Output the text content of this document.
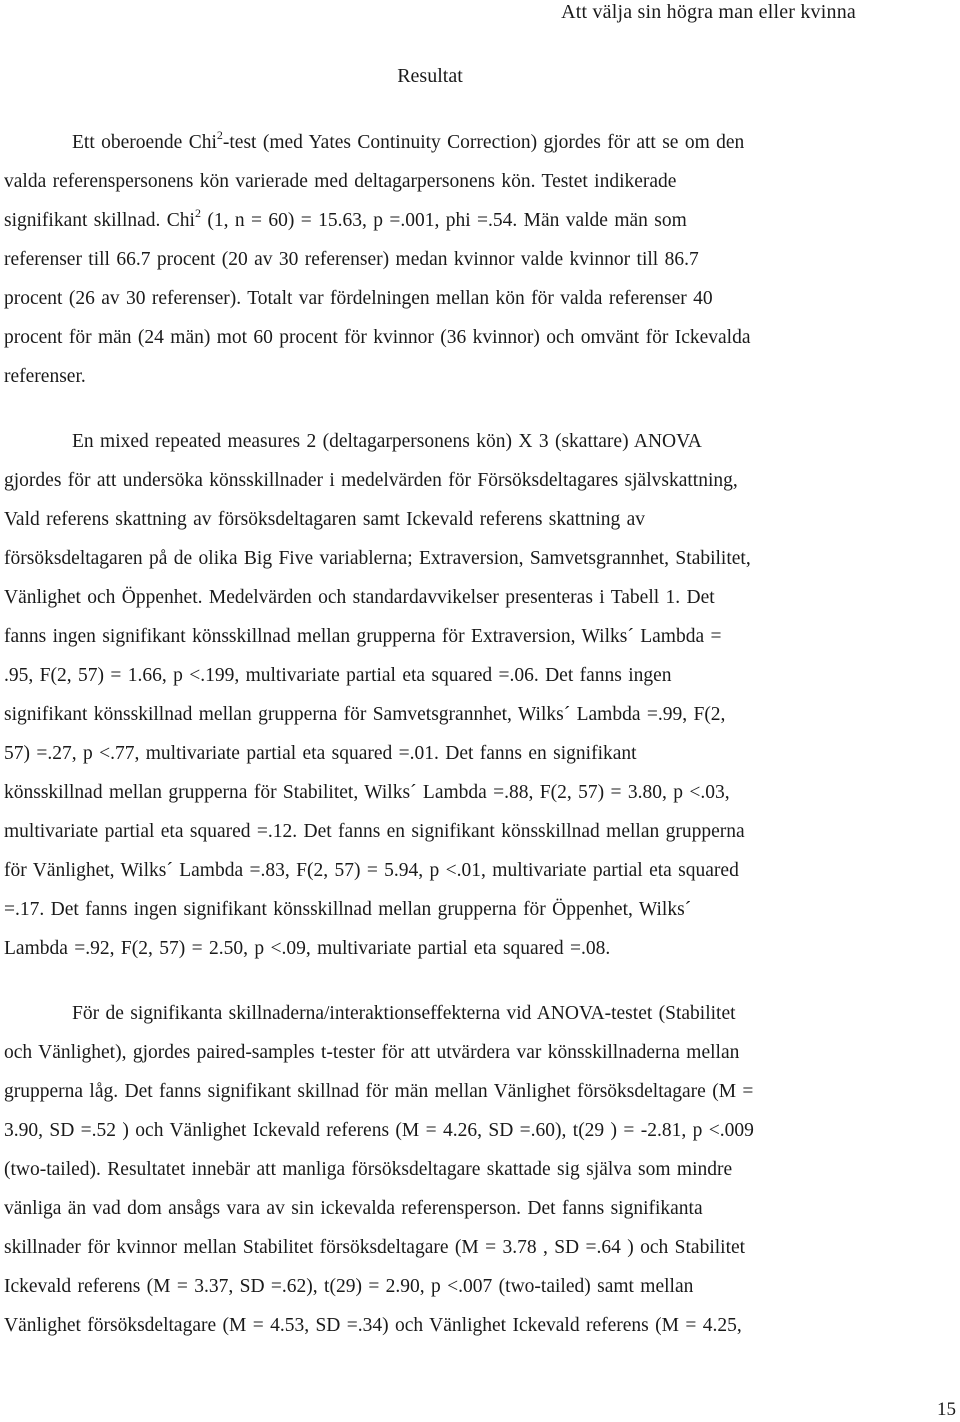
Att välja sin högra man eller kvinna
Resultat
Ett oberoende Chi$^2$-test (med Yates Continuity Correction) gjordes för att se om den
valda referenspersonens kön varierade med deltagarpersonens kön. Testet indikerade
signifikant skillnad. Chi$^2$ (1, n = 60) = 15.63, p =.001, phi =.54. Män valde män som
referenser till 66.7 procent (20 av 30 referenser) medan kvinnor valde kvinnor till 86.7
procent (26 av 30 referenser). Totalt var fördelningen mellan kön för valda referenser 40
procent för män (24 män) mot 60 procent för kvinnor (36 kvinnor) och omvänt för Ickevalda
referenser.
En mixed repeated measures 2 (deltagarpersonens kön) X 3 (skattare) ANOVA
gjordes för att undersöka könsskillnader i medelvärden för Försöksdeltagares självskattning,
Vald referens skattning av försöksdeltagaren samt Ickevald referens skattning av
försöksdeltagaren på de olika Big Five variablerna; Extraversion, Samvetsgrannhet, Stabilitet,
Vänlighet och Öppenhet. Medelvärden och standardavvikelser presenteras i Tabell 1. Det
fanns ingen signifikant könsskillnad mellan grupperna för Extraversion, Wilks´ Lambda =
.95, F(2, 57) = 1.66, p <.199, multivariate partial eta squared =.06. Det fanns ingen
signifikant könsskillnad mellan grupperna för Samvetsgrannhet, Wilks´ Lambda =.99, F(2,
57) =.27, p <.77, multivariate partial eta squared =.01. Det fanns en signifikant
könsskillnad mellan grupperna för Stabilitet, Wilks´ Lambda =.88, F(2, 57) = 3.80, p <.03,
multivariate partial eta squared =.12. Det fanns en signifikant könsskillnad mellan grupperna
för Vänlighet, Wilks´ Lambda =.83, F(2, 57) = 5.94, p <.01, multivariate partial eta squared
=.17. Det fanns ingen signifikant könsskillnad mellan grupperna för Öppenhet, Wilks´
Lambda =.92, F(2, 57) = 2.50, p <.09, multivariate partial eta squared =.08.
För de signifikanta skillnaderna/interaktionseffekterna vid ANOVA-testet (Stabilitet
och Vänlighet), gjordes paired-samples t-tester för att utvärdera var könsskillnaderna mellan
grupperna låg. Det fanns signifikant skillnad för män mellan Vänlighet försöksdeltagare (M =
3.90, SD =.52 ) och Vänlighet Ickevald referens (M = 4.26, SD =.60), t(29 ) = -2.81, p <.009
(two-tailed). Resultatet innebär att manliga försöksdeltagare skattade sig själva som mindre
vänliga än vad dom ansågs vara av sin ickevalda referensperson. Det fanns signifikanta
skillnader för kvinnor mellan Stabilitet försöksdeltagare (M = 3.78 , SD =.64 ) och Stabilitet
Ickevald referens (M = 3.37, SD =.62), t(29) = 2.90, p <.007 (two-tailed) samt mellan
Vänlighet försöksdeltagare (M = 4.53, SD =.34) och Vänlighet Ickevald referens (M = 4.25,
15
